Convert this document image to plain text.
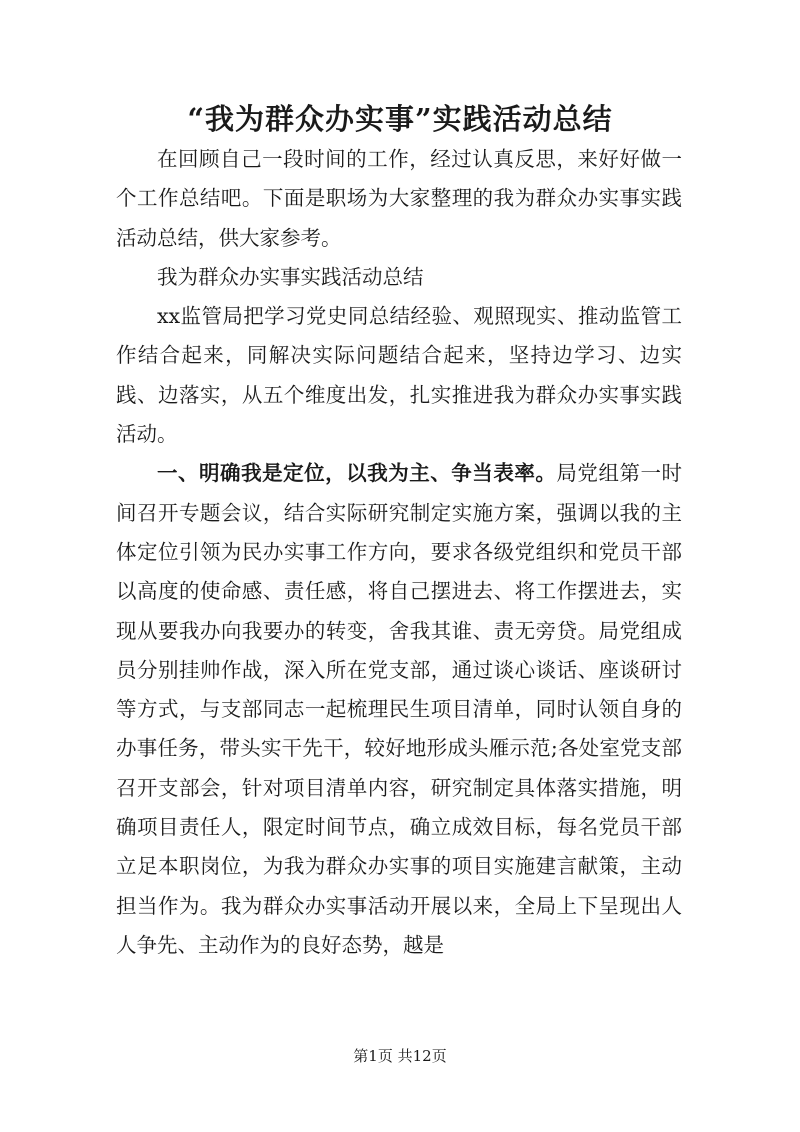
“我为群众办实事”实践活动总结

在回顾自己一段时间的工作，经过认真反思，来好好做一个工作总结吧。下面是职场为大家整理的我为群众办实事实践活动总结，供大家参考。

我为群众办实事实践活动总结

xx监管局把学习党史同总结经验、观照现实、推动监管工作结合起来，同解决实际问题结合起来，坚持边学习、边实践、边落实，从五个维度出发，扎实推进我为群众办实事实践活动。

一、明确我是定位，以我为主、争当表率。局党组第一时间召开专题会议，结合实际研究制定实施方案，强调以我的主体定位引领为民办实事工作方向，要求各级党组织和党员干部以高度的使命感、责任感，将自己摆进去、将工作摆进去，实现从要我办向我要办的转变，舍我其谁、责无旁贷。局党组成员分别挂帅作战，深入所在党支部，通过谈心谈话、座谈研讨等方式，与支部同志一起梳理民生项目清单，同时认领自身的办事任务，带头实干先干，较好地形成头雁示范;各处室党支部召开支部会，针对项目清单内容，研究制定具体落实措施，明确项目责任人，限定时间节点，确立成效目标，每名党员干部立足本职岗位，为我为群众办实事的项目实施建言献策，主动担当作为。我为群众办实事活动开展以来，全局上下呈现出人人争先、主动作为的良好态势，越是

第1页 共12页
